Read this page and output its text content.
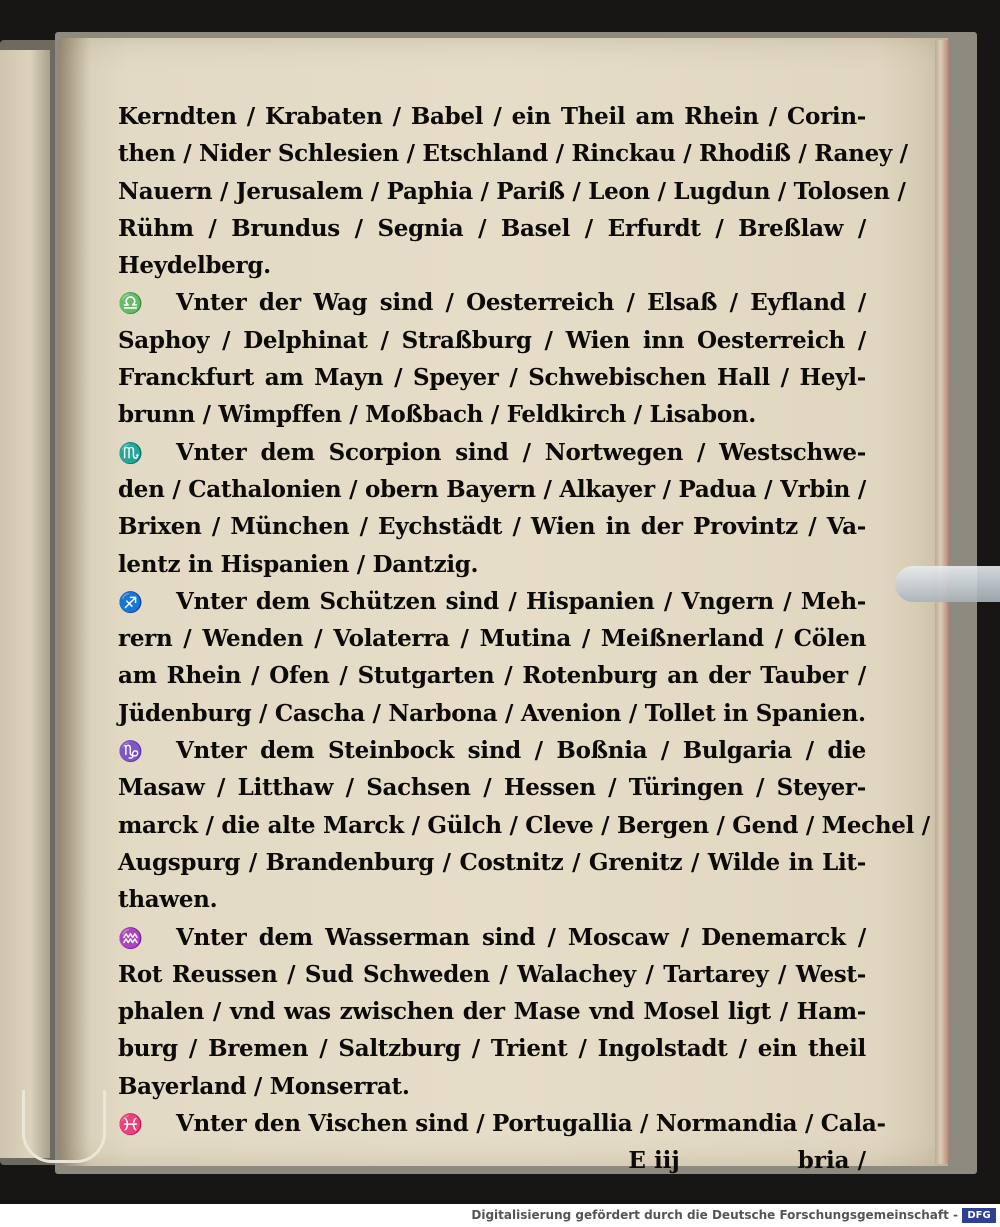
Kerndten / Krabaten / Babel / ein Theil am Rhein / Corin-
then / Nider Schlesien / Etschland / Rinckau / Rhodiß / Raney /
Nauern / Jerusalem / Paphia / Pariß / Leon / Lugdun / Tolosen /
Rühm / Brundus / Segnia / Basel / Erfurdt / Breßlaw /
Heydelberg.
♎ Vnter der Wag sind / Oesterreich / Elsaß / Eyfland /
Saphoy / Delphinat / Straßburg / Wien inn Oesterreich /
Franckfurt am Mayn / Speyer / Schwebischen Hall / Heyl-
brunn / Wimpffen / Moßbach / Feldkirch / Lisabon.
♏ Vnter dem Scorpion sind / Nortwegen / Westschwe-
den / Cathalonien / obern Bayern / Alkayer / Padua / Vrbin /
Brixen / München / Eychstädt / Wien in der Provintz / Va-
lentz in Hispanien / Dantzig.
♐ Vnter dem Schützen sind / Hispanien / Vngern / Meh-
rern / Wenden / Volaterra / Mutina / Meißnerland / Cölen
am Rhein / Ofen / Stutgarten / Rotenburg an der Tauber /
Jüdenburg / Cascha / Narbona / Avenion / Tollet in Spanien.
♑ Vnter dem Steinbock sind / Boßnia / Bulgaria / die
Masaw / Litthaw / Sachsen / Hessen / Türingen / Steyer-
marck / die alte Marck / Gülch / Cleve / Bergen / Gend / Mechel /
Augspurg / Brandenburg / Costnitz / Grenitz / Wilde in Lit-
thawen.
♒ Vnter dem Wasserman sind / Moscaw / Denemarck /
Rot Reussen / Sud Schweden / Walachey / Tartarey / West-
phalen / vnd was zwischen der Mase vnd Mosel ligt / Ham-
burg / Bremen / Saltzburg / Trient / Ingolstadt / ein theil
Bayerland / Monserrat.
♓ Vnter den Vischen sind / Portugallia / Normandia / Cala-
E iij	bria /
Digitalisierung gefördert durch die Deutsche Forschungsgemeinschaft - DFG
